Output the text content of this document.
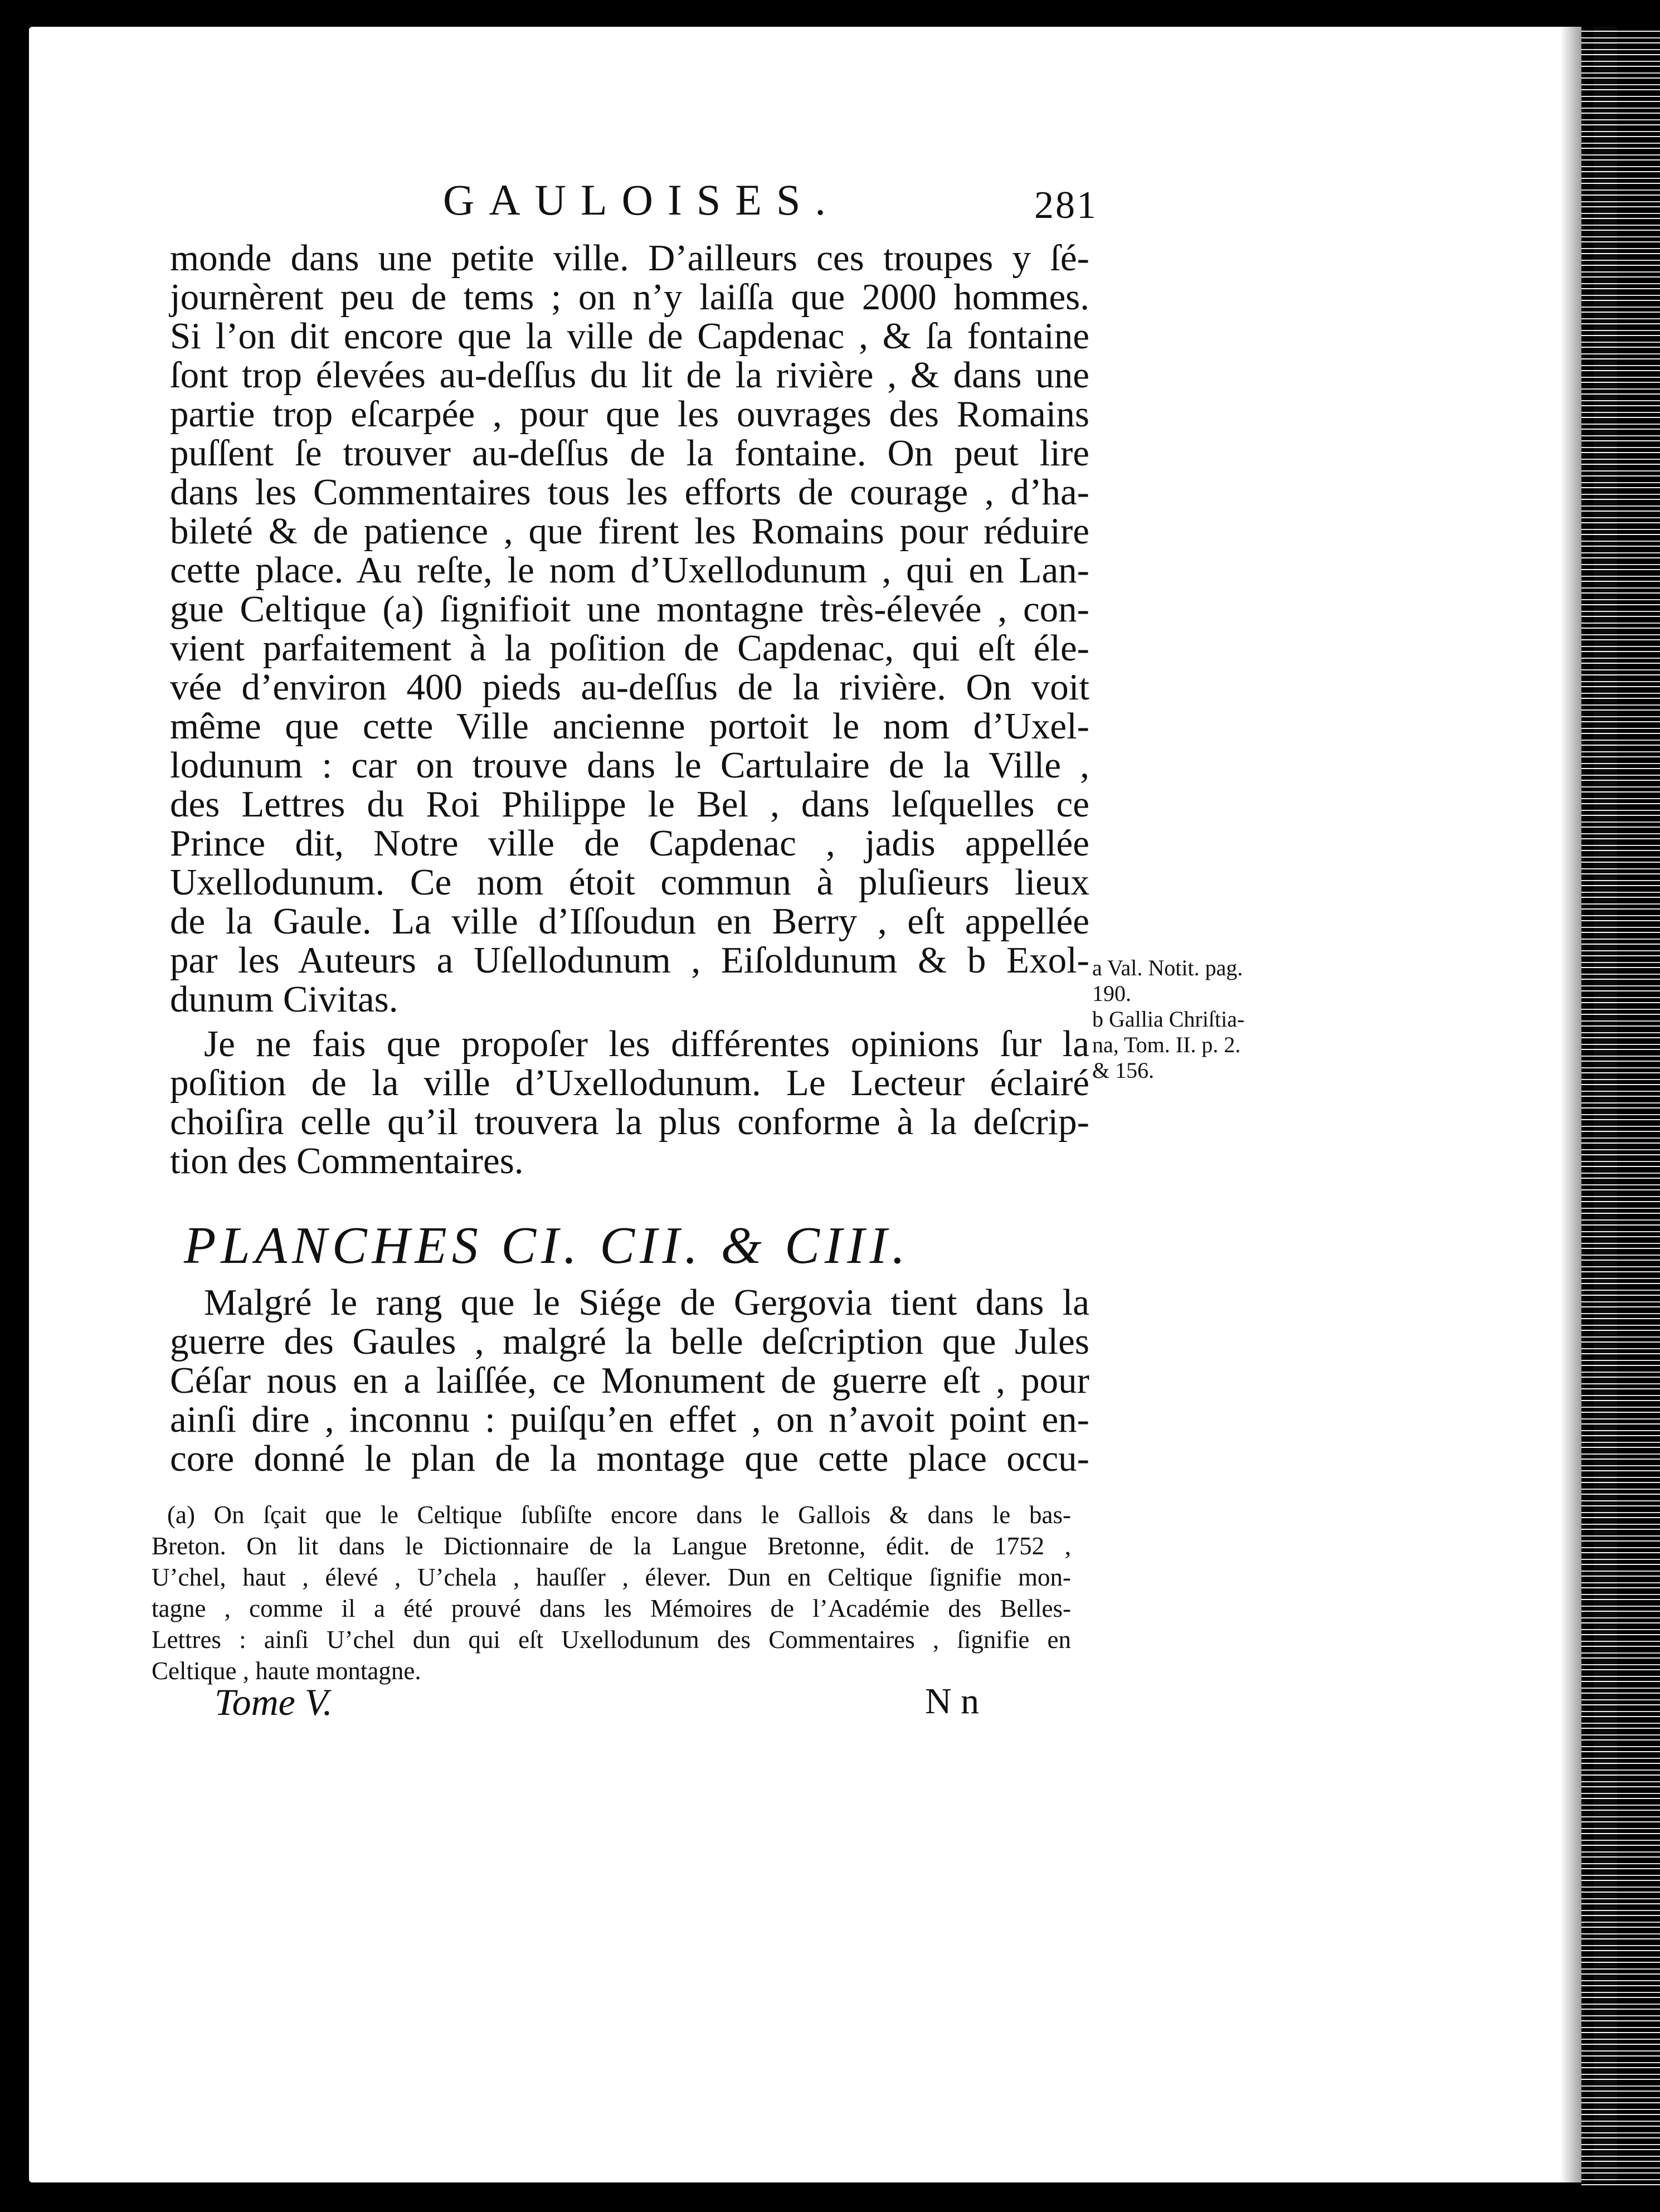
GAULOISES.	281
monde dans une petite ville. D’ailleurs ces troupes y ſé-
journèrent peu de tems ; on n’y laiſſa que 2000 hommes.
Si l’on dit encore que la ville de Capdenac , & ſa fontaine
ſont trop élevées au-deſſus du lit de la rivière , & dans une
partie trop eſcarpée , pour que les ouvrages des Romains
puſſent ſe trouver au-deſſus de la fontaine. On peut lire
dans les Commentaires tous les efforts de courage , d’ha-
bileté & de patience , que firent les Romains pour réduire
cette place. Au reſte, le nom d’Uxellodunum , qui en Lan-
gue Celtique (a) ſignifioit une montagne très-élevée , con-
vient parfaitement à la poſition de Capdenac, qui eſt éle-
vée d’environ 400 pieds au-deſſus de la rivière. On voit
même que cette Ville ancienne portoit le nom d’Uxel-
lodunum : car on trouve dans le Cartulaire de la Ville ,
des Lettres du Roi Philippe le Bel , dans leſquelles ce
Prince dit, Notre ville de Capdenac , jadis appellée
Uxellodunum. Ce nom étoit commun à pluſieurs lieux
de la Gaule. La ville d’Iſſoudun en Berry , eſt appellée
par les Auteurs a Uſellodunum , Eiſoldunum & b Exol-
dunum Civitas.
Je ne fais que propoſer les différentes opinions ſur la
poſition de la ville d’Uxellodunum. Le Lecteur éclairé
choiſira celle qu’il trouvera la plus conforme à la deſcrip-
tion des Commentaires.
a Val. Notit. pag.
190.
b Gallia Chriſtia-
na, Tom. II. p. 2.
& 156.
PLANCHES CI. CII. & CIII.
Malgré le rang que le Siége de Gergovia tient dans la
guerre des Gaules , malgré la belle deſcription que Jules
Céſar nous en a laiſſée, ce Monument de guerre eſt , pour
ainſi dire , inconnu : puiſqu’en effet , on n’avoit point en-
core donné le plan de la montage que cette place occu-
(a) On ſçait que le Celtique ſubſiſte encore dans le Gallois & dans le bas-
Breton. On lit dans le Dictionnaire de la Langue Bretonne, édit. de 1752 ,
U’chel, haut , élevé , U’chela , hauſſer , élever. Dun en Celtique ſignifie mon-
tagne , comme il a été prouvé dans les Mémoires de l’Académie des Belles-
Lettres : ainſi U’chel dun qui eſt Uxellodunum des Commentaires , ſignifie en
Celtique , haute montagne.
Tome V.	N n
